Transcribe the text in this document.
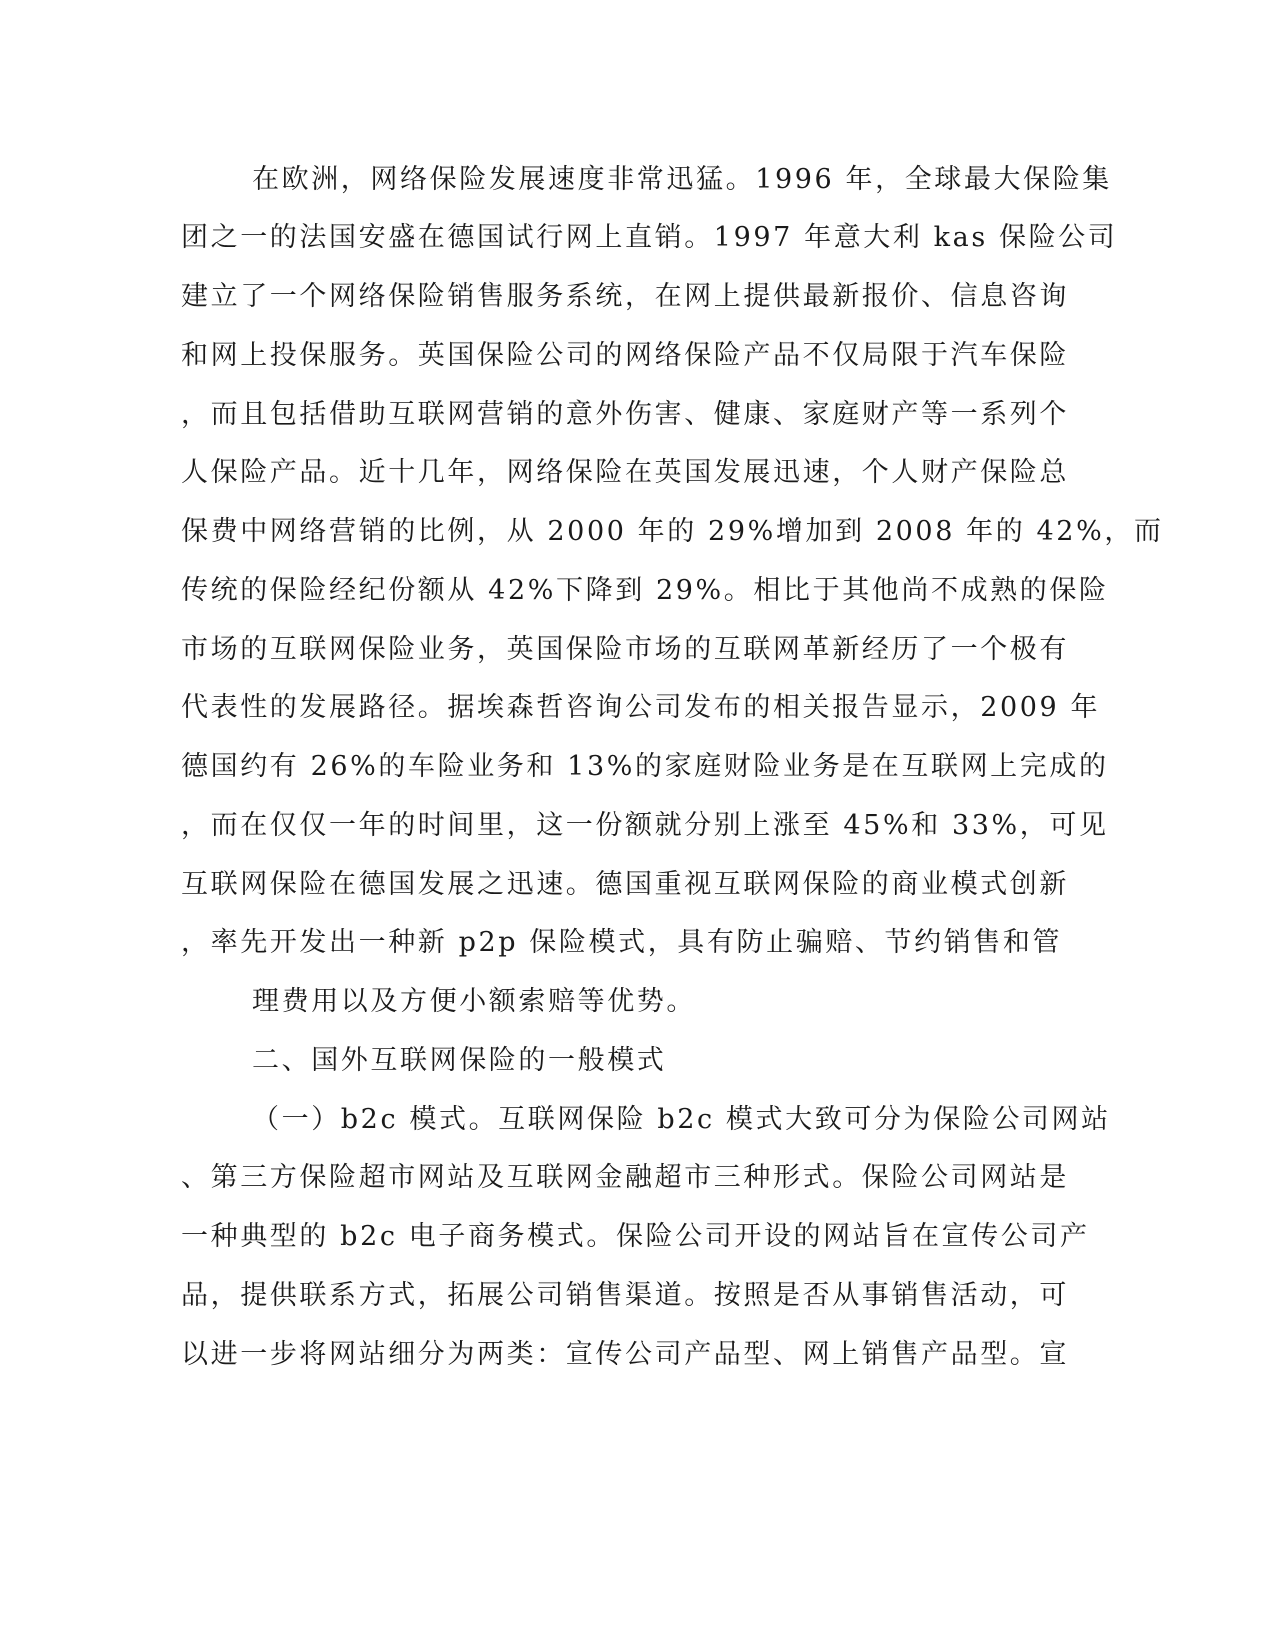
在欧洲，网络保险发展速度非常迅猛。1996 年，全球最大保险集
团之一的法国安盛在德国试行网上直销。1997 年意大利 kas 保险公司
建立了一个网络保险销售服务系统，在网上提供最新报价、信息咨询
和网上投保服务。英国保险公司的网络保险产品不仅局限于汽车保险
，而且包括借助互联网营销的意外伤害、健康、家庭财产等一系列个
人保险产品。近十几年，网络保险在英国发展迅速，个人财产保险总
保费中网络营销的比例，从 2000 年的 29%增加到 2008 年的 42%，而
传统的保险经纪份额从 42%下降到 29%。相比于其他尚不成熟的保险
市场的互联网保险业务，英国保险市场的互联网革新经历了一个极有
代表性的发展路径。据埃森哲咨询公司发布的相关报告显示，2009 年
德国约有 26%的车险业务和 13%的家庭财险业务是在互联网上完成的
，而在仅仅一年的时间里，这一份额就分别上涨至 45%和 33%，可见
互联网保险在德国发展之迅速。德国重视互联网保险的商业模式创新
，率先开发出一种新 p2p 保险模式，具有防止骗赔、节约销售和管
理费用以及方便小额索赔等优势。
二、国外互联网保险的一般模式
（一）b2c 模式。互联网保险 b2c 模式大致可分为保险公司网站
、第三方保险超市网站及互联网金融超市三种形式。保险公司网站是
一种典型的 b2c 电子商务模式。保险公司开设的网站旨在宣传公司产
品，提供联系方式，拓展公司销售渠道。按照是否从事销售活动，可
以进一步将网站细分为两类：宣传公司产品型、网上销售产品型。宣
